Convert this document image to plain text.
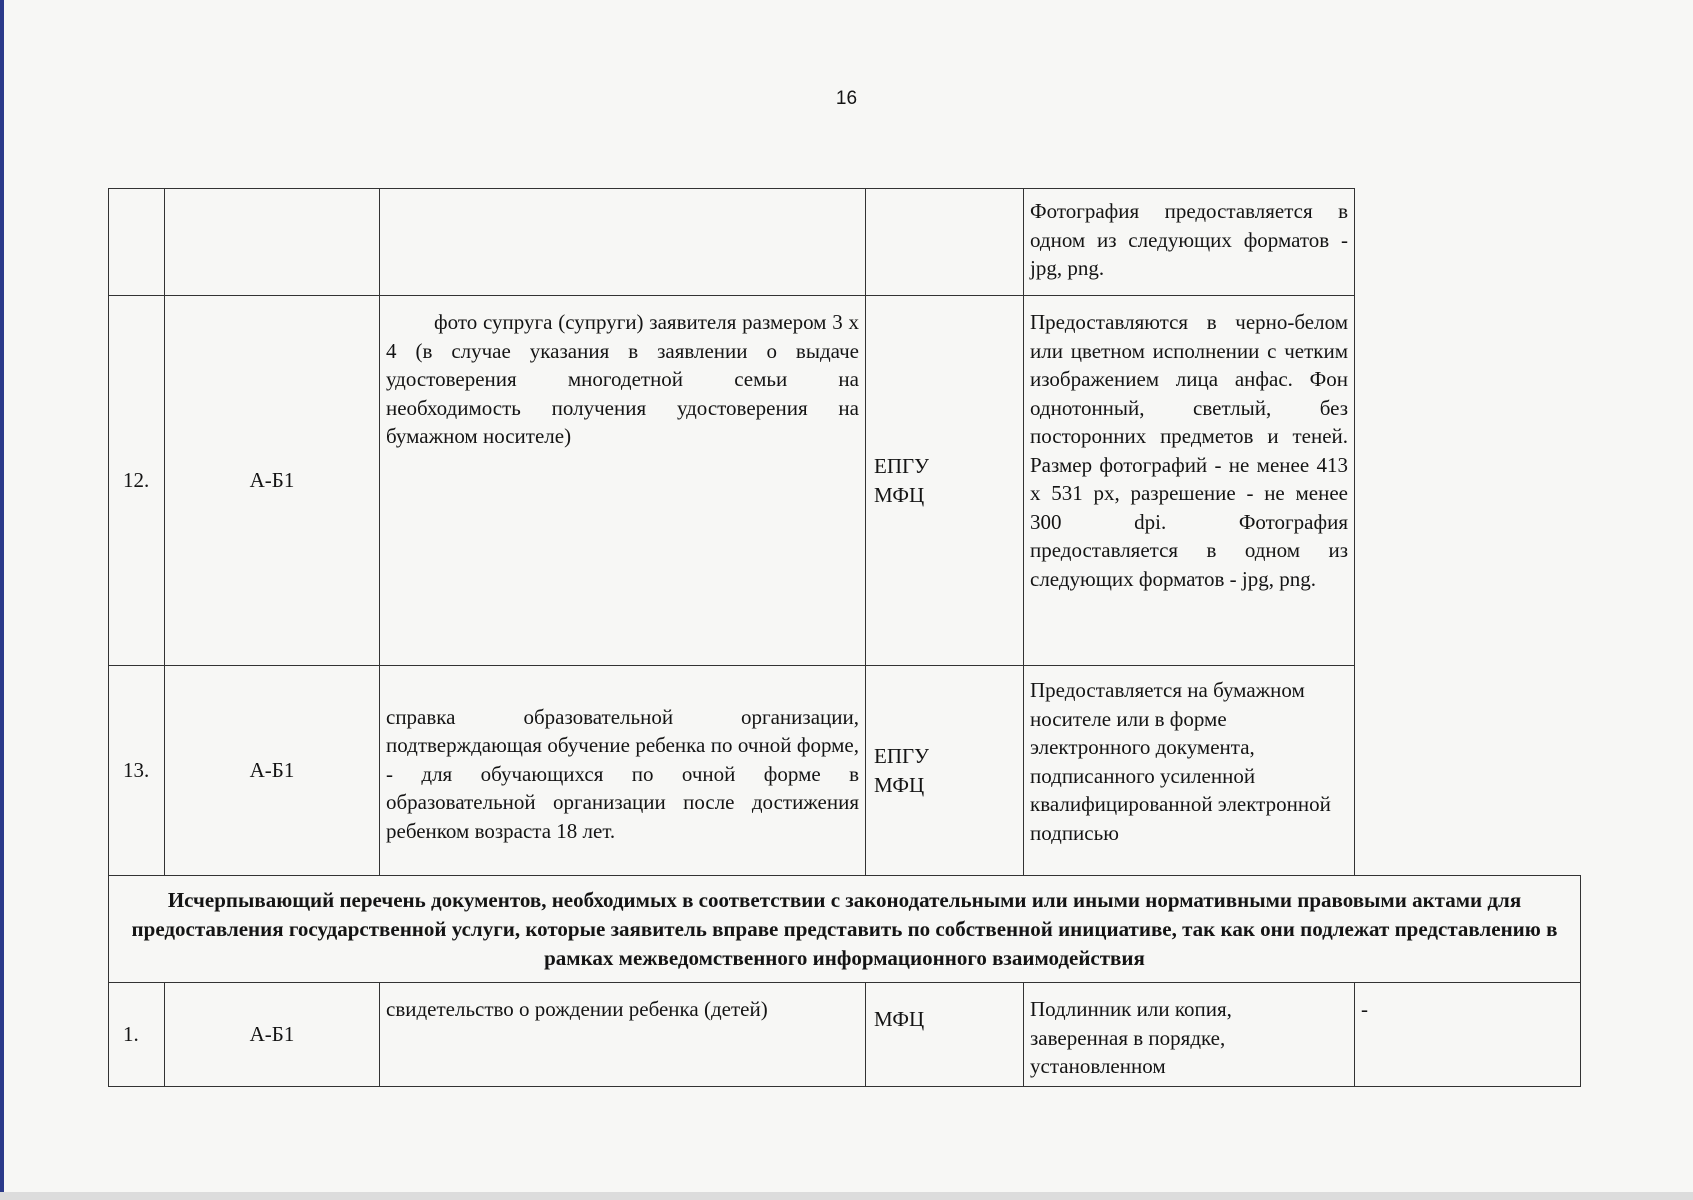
16
				Фотография предоставляется в одном из следующих форматов - jpg, png.	
12.	А-Б1	фото супруга (супруги) заявителя размером 3 х 4 (в случае указания в заявлении о выдаче удостоверения многодетной семьи на необходимость получения удостоверения на бумажном носителе)	ЕПГУ МФЦ	Предоставляются в черно-белом или цветном исполнении с четким изображением лица анфас. Фон однотонный, светлый, без посторонних предметов и теней. Размер фотографий - не менее 413 х 531 px, разрешение - не менее 300 dpi. Фотография предоставляется в одном из следующих форматов - jpg, png.	
13.	А-Б1	справка образовательной организации, подтверждающая обучение ребенка по очной форме, - для обучающихся по очной форме в образовательной организации после достижения ребенком возраста 18 лет.	ЕПГУ МФЦ	Предоставляется на бумажном носителе или в форме электронного документа, подписанного усиленной квалифицированной электронной подписью	
Исчерпывающий перечень документов, необходимых в соответствии с законодательными или иными нормативными правовыми актами для предоставления государственной услуги, которые заявитель вправе представить по собственной инициативе, так как они подлежат представлению в рамках межведомственного информационного взаимодействия					
1.	А-Б1	свидетельство о рождении ребенка (детей)	МФЦ	Подлинник или копия, заверенная в порядке, установленном	-
